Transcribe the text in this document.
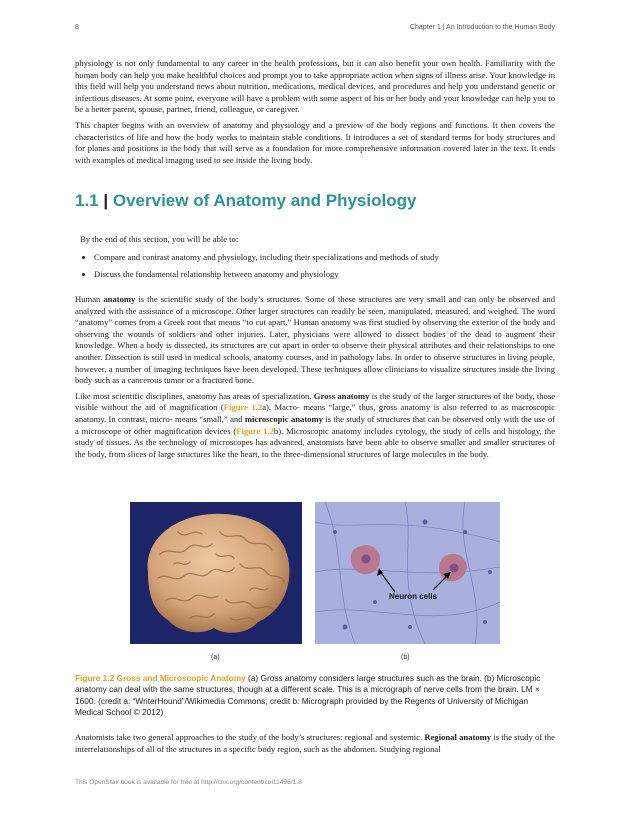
8	Chapter 1 | An Introduction to the Human Body

physiology is not only fundamental to any career in the health professions, but it can also benefit your own health. Familiarity with the human body can help you make healthful choices and prompt you to take appropriate action when signs of illness arise. Your knowledge in this field will help you understand news about nutrition, medications, medical devices, and procedures and help you understand genetic or infectious diseases. At some point, everyone will have a problem with some aspect of his or her body and your knowledge can help you to be a better parent, spouse, partner, friend, colleague, or caregiver.

This chapter begins with an overview of anatomy and physiology and a preview of the body regions and functions. It then covers the characteristics of life and how the body works to maintain stable conditions. It introduces a set of standard terms for body structures and for planes and positions in the body that will serve as a foundation for more comprehensive information covered later in the text. It ends with examples of medical imaging used to see inside the living body.

1.1 | Overview of Anatomy and Physiology
By the end of this section, you will be able to:
• Compare and contrast anatomy and physiology, including their specializations and methods of study
• Discuss the fundamental relationship between anatomy and physiology

Human anatomy is the scientific study of the body’s structures. Some of these structures are very small and can only be observed and analyzed with the assistance of a microscope. Other larger structures can readily be seen, manipulated, measured, and weighed. The word “anatomy” comes from a Greek root that means “to cut apart.” Human anatomy was first studied by observing the exterior of the body and observing the wounds of soldiers and other injuries. Later, physicians were allowed to dissect bodies of the dead to augment their knowledge. When a body is dissected, its structures are cut apart in order to observe their physical attributes and their relationships to one another. Dissection is still used in medical schools, anatomy courses, and in pathology labs. In order to observe structures in living people, however, a number of imaging techniques have been developed. These techniques allow clinicians to visualize structures inside the living body such as a cancerous tumor or a fractured bone.

Like most scientific disciplines, anatomy has areas of specialization. Gross anatomy is the study of the larger structures of the body, those visible without the aid of magnification (Figure 1.2a). Macro- means “large,” thus, gross anatomy is also referred to as macroscopic anatomy. In contrast, micro- means “small,” and microscopic anatomy is the study of structures that can be observed only with the use of a microscope or other magnification devices (Figure 1.2b). Microscopic anatomy includes cytology, the study of cells and histology, the study of tissues. As the technology of microscopes has advanced, anatomists have been able to observe smaller and smaller structures of the body, from slices of large structures like the heart, to the three-dimensional structures of large molecules in the body.

Neuron cells
(a)	(b)
Figure 1.2 Gross and Microscopic Anatomy (a) Gross anatomy considers large structures such as the brain. (b) Microscopic anatomy can deal with the same structures, though at a different scale. This is a micrograph of nerve cells from the brain. LM × 1600. (credit a: “WriterHound”/Wikimedia Commons; credit b: Micrograph provided by the Regents of University of Michigan Medical School © 2012)

Anatomists take two general approaches to the study of the body’s structures: regional and systemic. Regional anatomy is the study of the interrelationships of all of the structures in a specific body region, such as the abdomen. Studying regional

This OpenStax book is available for free at http://cnx.org/content/col11496/1.8
